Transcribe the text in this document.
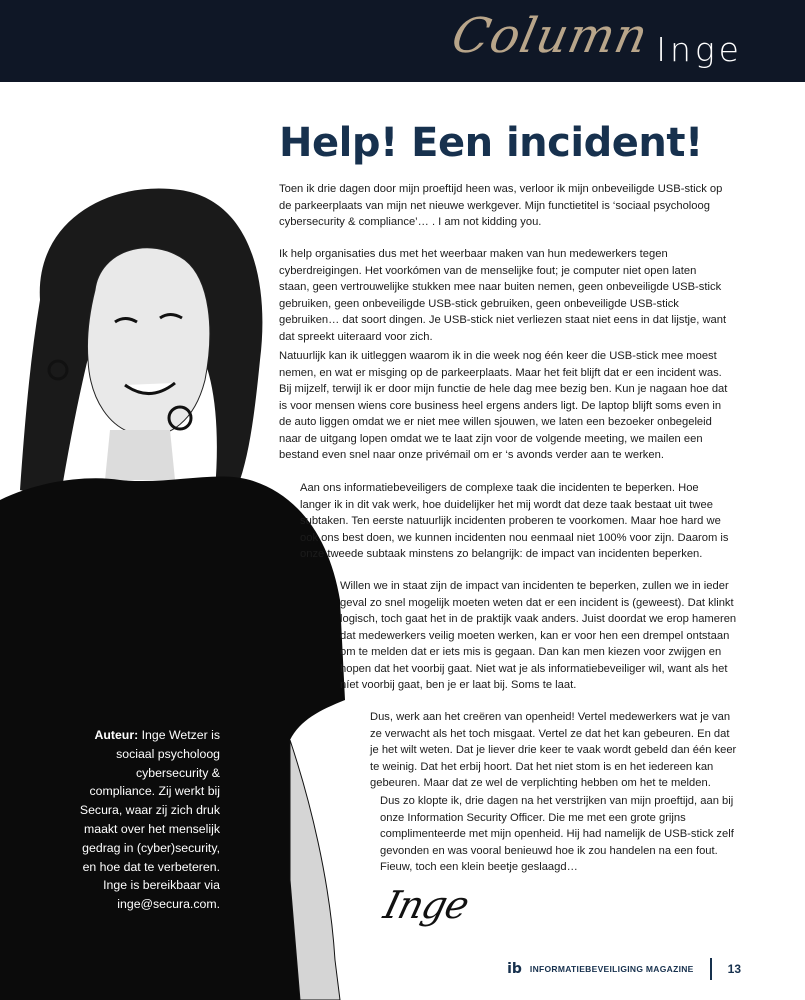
Column Inge
Auteur: Inge Wetzer is sociaal psycholoog cybersecurity & compliance. Zij werkt bij Secura, waar zij zich druk maakt over het menselijk gedrag in (cyber)security, en hoe dat te verbeteren. Inge is bereikbaar via inge@secura.com.
Help! Een incident!

Toen ik drie dagen door mijn proeftijd heen was, verloor ik mijn onbeveiligde USB-stick op de parkeerplaats van mijn net nieuwe werkgever. Mijn functietitel is ‘sociaal psycholoog cybersecurity & compliance’… . I am not kidding you.

Ik help organisaties dus met het weerbaar maken van hun medewerkers tegen cyberdreigingen. Het voorkómen van de menselijke fout; je computer niet open laten staan, geen vertrouwelijke stukken mee naar buiten nemen, geen onbeveiligde USB-stick gebruiken, geen onbeveiligde USB-stick gebruiken, geen onbeveiligde USB-stick gebruiken… dat soort dingen. Je USB-stick niet verliezen staat niet eens in dat lijstje, want dat spreekt uiteraard voor zich.

Natuurlijk kan ik uitleggen waarom ik in die week nog één keer die USB-stick mee moest nemen, en wat er misging op de parkeerplaats. Maar het feit blijft dat er een incident was. Bij mijzelf, terwijl ik er door mijn functie de hele dag mee bezig ben. Kun je nagaan hoe dat is voor mensen wiens core business heel ergens anders ligt. De laptop blijft soms even in de auto liggen omdat we er niet mee willen sjouwen, we laten een bezoeker onbegeleid naar de uitgang lopen omdat we te laat zijn voor de volgende meeting, we mailen een bestand even snel naar onze privémail om er ‘s avonds verder aan te werken.

Aan ons informatiebeveiligers de complexe taak die incidenten te beperken. Hoe langer ik in dit vak werk, hoe duidelijker het mij wordt dat deze taak bestaat uit twee subtaken. Ten eerste natuurlijk incidenten proberen te voorkomen. Maar hoe hard we ook ons best doen, we kunnen incidenten nou eenmaal niet 100% voor zijn. Daarom is onze tweede subtaak minstens zo belangrijk: de impact van incidenten beperken.

Willen we in staat zijn de impact van incidenten te beperken, zullen we in ieder geval zo snel mogelijk moeten weten dat er een incident is (geweest). Dat klinkt logisch, toch gaat het in de praktijk vaak anders. Juist doordat we erop hameren dat medewerkers veilig moeten werken, kan er voor hen een drempel ontstaan om te melden dat er iets mis is gegaan. Dan kan men kiezen voor zwijgen en hopen dat het voorbij gaat. Niet wat je als informatiebeveiliger wil, want als het níet voorbij gaat, ben je er laat bij. Soms te laat.

Dus, werk aan het creëren van openheid! Vertel medewerkers wat je van ze verwacht als het toch misgaat. Vertel ze dat het kan gebeuren. En dat je het wilt weten. Dat je liever drie keer te vaak wordt gebeld dan één keer te weinig. Dat het erbij hoort. Dat het niet stom is en het iedereen kan gebeuren. Maar dat ze wel de verplichting hebben om het te melden.

Dus zo klopte ik, drie dagen na het verstrijken van mijn proeftijd, aan bij onze Information Security Officer. Die me met een grote grijns complimenteerde met mijn openheid. Hij had namelijk de USB-stick zelf gevonden en was vooral benieuwd hoe ik zou handelen na een fout. Fieuw, toch een klein beetje geslaagd…

Inge
ib INFORMATIEBEVEILIGING MAGAZINE	13
